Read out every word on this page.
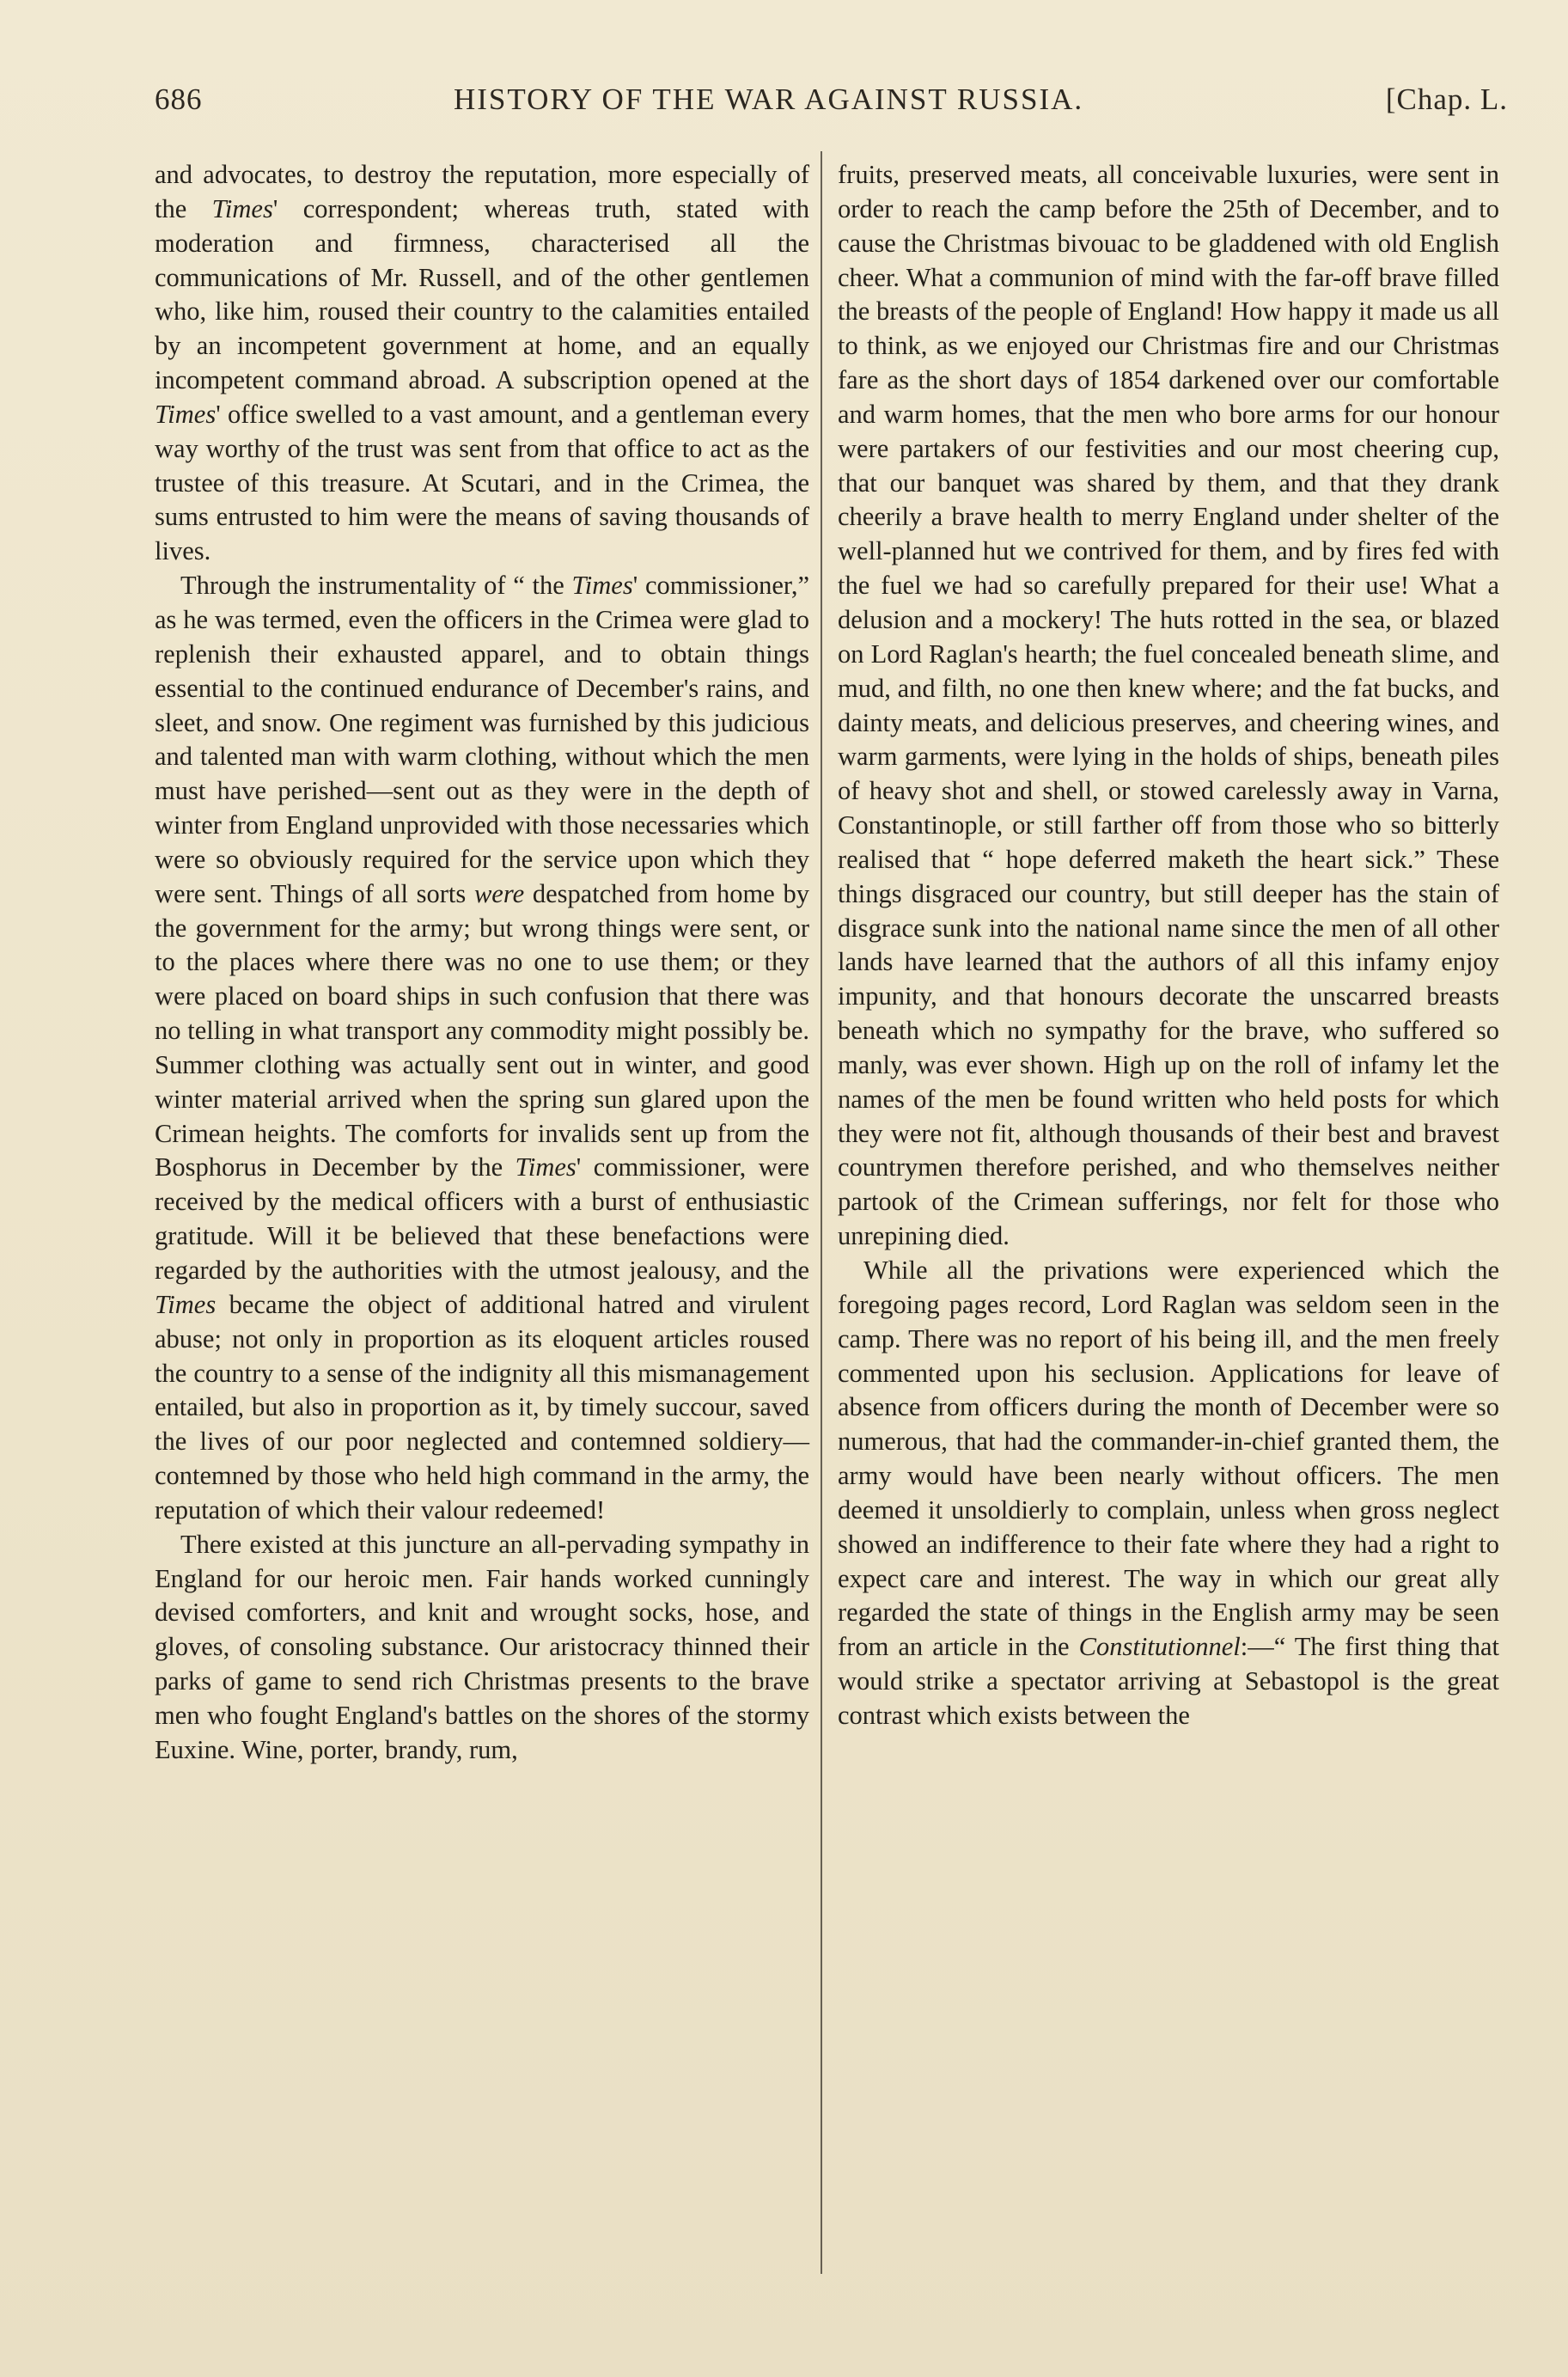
686	HISTORY OF THE WAR AGAINST RUSSIA.	[Chap. L.

and advocates, to destroy the reputation, more especially of the Times' correspondent; whereas truth, stated with moderation and firmness, characterised all the communications of Mr. Russell, and of the other gentlemen who, like him, roused their country to the calamities entailed by an incompetent government at home, and an equally incompetent command abroad. A subscription opened at the Times' office swelled to a vast amount, and a gentleman every way worthy of the trust was sent from that office to act as the trustee of this treasure. At Scutari, and in the Crimea, the sums entrusted to him were the means of saving thousands of lives.

Through the instrumentality of “ the Times' commissioner,” as he was termed, even the officers in the Crimea were glad to replenish their exhausted apparel, and to obtain things essential to the continued endurance of December's rains, and sleet, and snow. One regiment was furnished by this judicious and talented man with warm clothing, without which the men must have perished—sent out as they were in the depth of winter from England unprovided with those necessaries which were so obviously required for the service upon which they were sent. Things of all sorts were despatched from home by the government for the army; but wrong things were sent, or to the places where there was no one to use them; or they were placed on board ships in such confusion that there was no telling in what transport any commodity might possibly be. Summer clothing was actually sent out in winter, and good winter material arrived when the spring sun glared upon the Crimean heights. The comforts for invalids sent up from the Bosphorus in December by the Times' commissioner, were received by the medical officers with a burst of enthusiastic gratitude. Will it be believed that these benefactions were regarded by the authorities with the utmost jealousy, and the Times became the object of additional hatred and virulent abuse; not only in proportion as its eloquent articles roused the country to a sense of the indignity all this mismanagement entailed, but also in proportion as it, by timely succour, saved the lives of our poor neglected and contemned soldiery—contemned by those who held high command in the army, the reputation of which their valour redeemed!

There existed at this juncture an all-pervading sympathy in England for our heroic men. Fair hands worked cunningly devised comforters, and knit and wrought socks, hose, and gloves, of consoling substance. Our aristocracy thinned their parks of game to send rich Christmas presents to the brave men who fought England's battles on the shores of the stormy Euxine. Wine, porter, brandy, rum,

fruits, preserved meats, all conceivable luxuries, were sent in order to reach the camp before the 25th of December, and to cause the Christmas bivouac to be gladdened with old English cheer. What a communion of mind with the far-off brave filled the breasts of the people of England! How happy it made us all to think, as we enjoyed our Christmas fire and our Christmas fare as the short days of 1854 darkened over our comfortable and warm homes, that the men who bore arms for our honour were partakers of our festivities and our most cheering cup, that our banquet was shared by them, and that they drank cheerily a brave health to merry England under shelter of the well-planned hut we contrived for them, and by fires fed with the fuel we had so carefully prepared for their use! What a delusion and a mockery! The huts rotted in the sea, or blazed on Lord Raglan's hearth; the fuel concealed beneath slime, and mud, and filth, no one then knew where; and the fat bucks, and dainty meats, and delicious preserves, and cheering wines, and warm garments, were lying in the holds of ships, beneath piles of heavy shot and shell, or stowed carelessly away in Varna, Constantinople, or still farther off from those who so bitterly realised that “ hope deferred maketh the heart sick.” These things disgraced our country, but still deeper has the stain of disgrace sunk into the national name since the men of all other lands have learned that the authors of all this infamy enjoy impunity, and that honours decorate the unscarred breasts beneath which no sympathy for the brave, who suffered so manly, was ever shown. High up on the roll of infamy let the names of the men be found written who held posts for which they were not fit, although thousands of their best and bravest countrymen therefore perished, and who themselves neither partook of the Crimean sufferings, nor felt for those who unrepining died.

While all the privations were experienced which the foregoing pages record, Lord Raglan was seldom seen in the camp. There was no report of his being ill, and the men freely commented upon his seclusion. Applications for leave of absence from officers during the month of December were so numerous, that had the commander-in-chief granted them, the army would have been nearly without officers. The men deemed it unsoldierly to complain, unless when gross neglect showed an indifference to their fate where they had a right to expect care and interest. The way in which our great ally regarded the state of things in the English army may be seen from an article in the Constitutionnel:—“ The first thing that would strike a spectator arriving at Sebastopol is the great contrast which exists between the
